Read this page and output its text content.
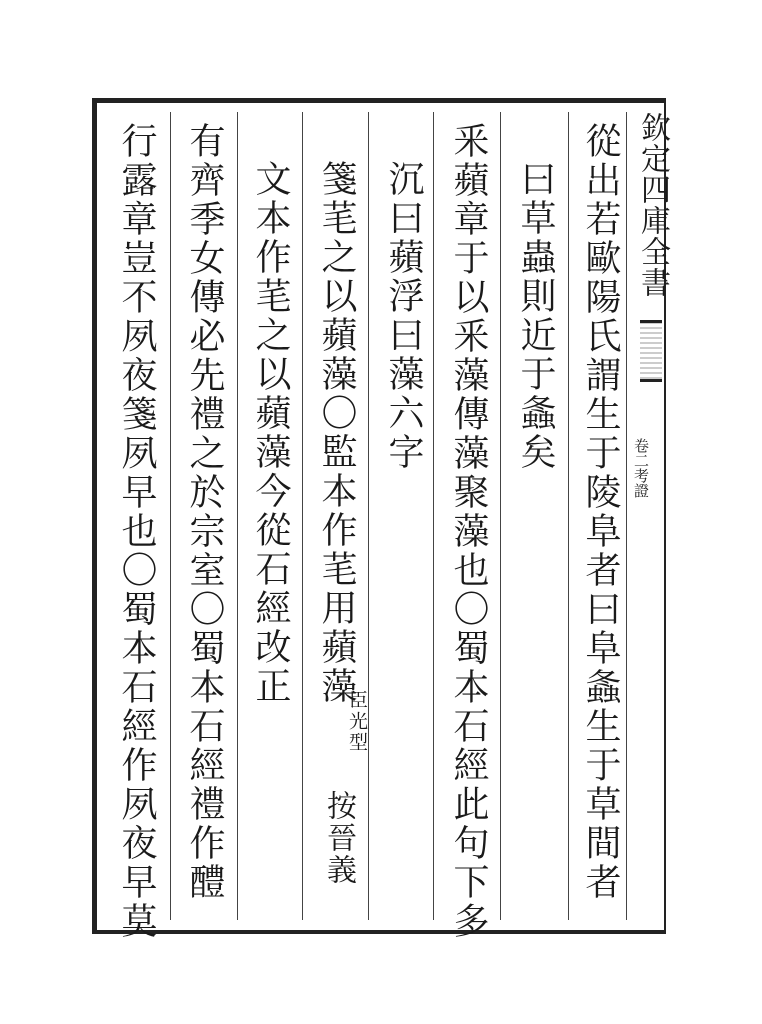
欽定四庫全書
卷二考證
從出若歐陽氏謂生于陵阜者曰阜螽生于草間者
曰草蟲則近于螽矣
釆蘋章于以釆藻傳藻聚藻也〇蜀本石經此句下多
沉曰蘋浮曰藻六字
箋芼之以蘋藻〇監本作芼用蘋藻
臣光型
按晉義
文本作芼之以蘋藻今從石經改正
有齊季女傳必先禮之於宗室〇蜀本石經禮作醴
行露章豈不夙夜箋夙早也〇蜀本石經作夙夜早莫
